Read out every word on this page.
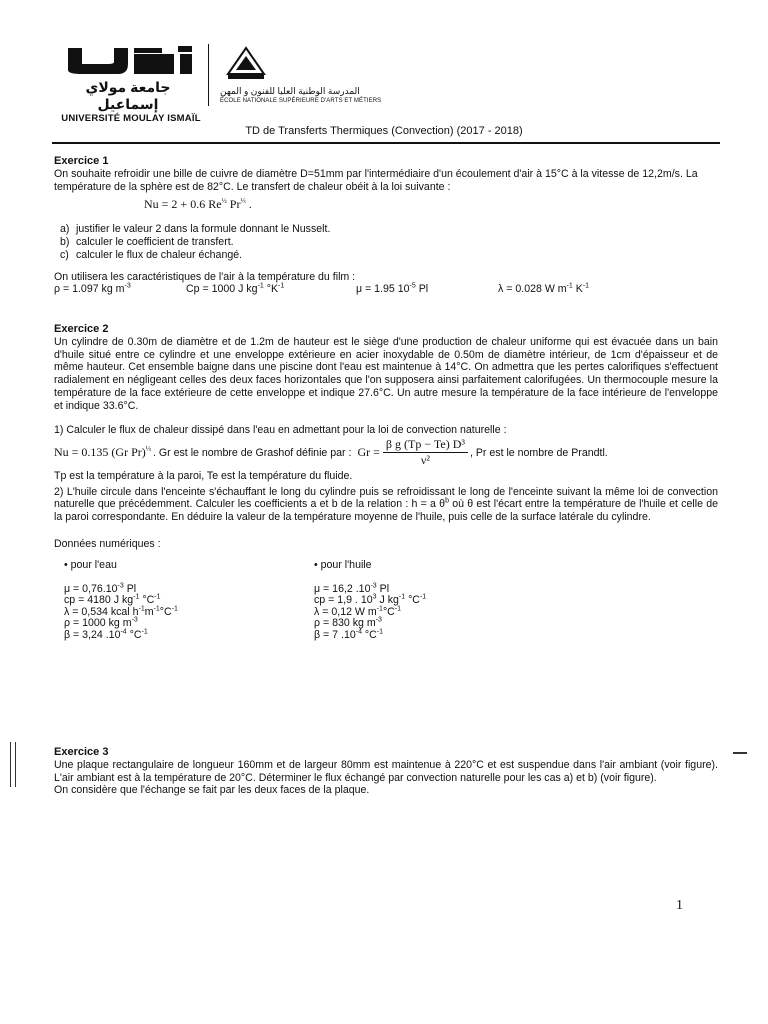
جامعة مولاي إسماعيل
UNIVERSITÉ MOULAY ISMAÏL
المدرسة الوطنية العليا للفنون و المهن
ÉCOLE NATIONALE SUPÉRIEURE D'ARTS ET MÉTIERS
TD de Transferts Thermiques (Convection) (2017 - 2018)

Exercice 1

On souhaite refroidir une bille de cuivre de diamètre D=51mm par l'intermédiaire d'un écoulement d'air à 15°C à la vitesse de 12,2m/s. La température de la sphère est de 82°C. Le transfert de chaleur obéit à la loi suivante :

Nu = 2 + 0.6 $Re^{\frac{1}{2}}$ $Pr^{\frac{1}{3}}$ .
a) justifier le valeur 2 dans la formule donnant le Nusselt.
b) calculer le coefficient de transfert.
c) calculer le flux de chaleur échangé.

On utilisera les caractéristiques de l'air à la température du film :

ρ = 1.097 kg $m^{-3}$	Cp = 1000 J $kg^{-1}$ $^\circ K^{-1}$	μ = 1.95 $10^{-5}$ Pl	λ = 0.028 W $m^{-1}$ $K^{-1}$

Exercice 2

Un cylindre de 0.30m de diamètre et de 1.2m de hauteur est le siège d'une production de chaleur uniforme qui est évacuée dans un bain d'huile situé entre ce cylindre et une enveloppe extérieure en acier inoxydable de 0.50m de diamètre intérieur, de 1cm d'épaisseur et de même hauteur. Cet ensemble baigne dans une piscine dont l'eau est maintenue à 14°C. On admettra que les pertes calorifiques s'effectuent radialement en négligeant celles des deux faces horizontales que l'on supposera ainsi parfaitement calorifugées. Un thermocouple mesure la température de la face extérieure de cette enveloppe et indique 27.6°C. Un autre mesure la température de la face intérieure de l'enveloppe et indique 33.6°C.

1) Calculer le flux de chaleur dissipé dans l'eau en admettant pour la loi de convection naturelle :

Nu = 0.135 (Gr Pr)$^{\frac{1}{3}}$ . Gr est le nombre de Grashof définie par : $Gr = \frac{\text{β g (Tp − Te) D³}}{\text{ν²}}$ , Pr est le nombre de Prandtl.

Tp est la température à la paroi, Te est la température du fluide.

2) L'huile circule dans l'enceinte s'échauffant le long du cylindre puis se refroidissant le long de l'enceinte suivant la même loi de convection naturelle que précédemment. Calculer les coefficients a et b de la relation : h = a $\theta^b$ où θ est l'écart entre la température de l'huile et celle de la paroi correspondante. En déduire la valeur de la température moyenne de l'huile, puis celle de la surface latérale du cylindre.

Données numériques :

• pour l'eau
$\mu = 0,76.10^{-3}$ Pl
cp = 4180 J $kg^{-1}$ $^\circ C^{-1}$
λ = 0,534 kcal $h^{-1}m^{-1}^\circ C^{-1}$
ρ = 1000 kg $m^{-3}$
β = 3,24 $.10^{-4}$ $^\circ C^{-1}$
• pour l'huile
μ = 16,2 $.10^{-3}$ Pl
cp = 1,9 . $10^3$ J $kg^{-1}$ $^\circ C^{-1}$
λ = 0,12 W $m^{-1}^\circ C^{-1}$
ρ = 830 kg $m^{-3}$
β = 7 $.10^{-4}$ $^\circ C^{-1}$

Exercice 3

Une plaque rectangulaire de longueur 160mm et de largeur 80mm est maintenue à 220°C et est suspendue dans l'air ambiant (voir figure). L'air ambiant est à la température de 20°C. Déterminer le flux échangé par convection naturelle pour les cas a) et b) (voir figure).

On considère que l'échange se fait par les deux faces de la plaque.

1
